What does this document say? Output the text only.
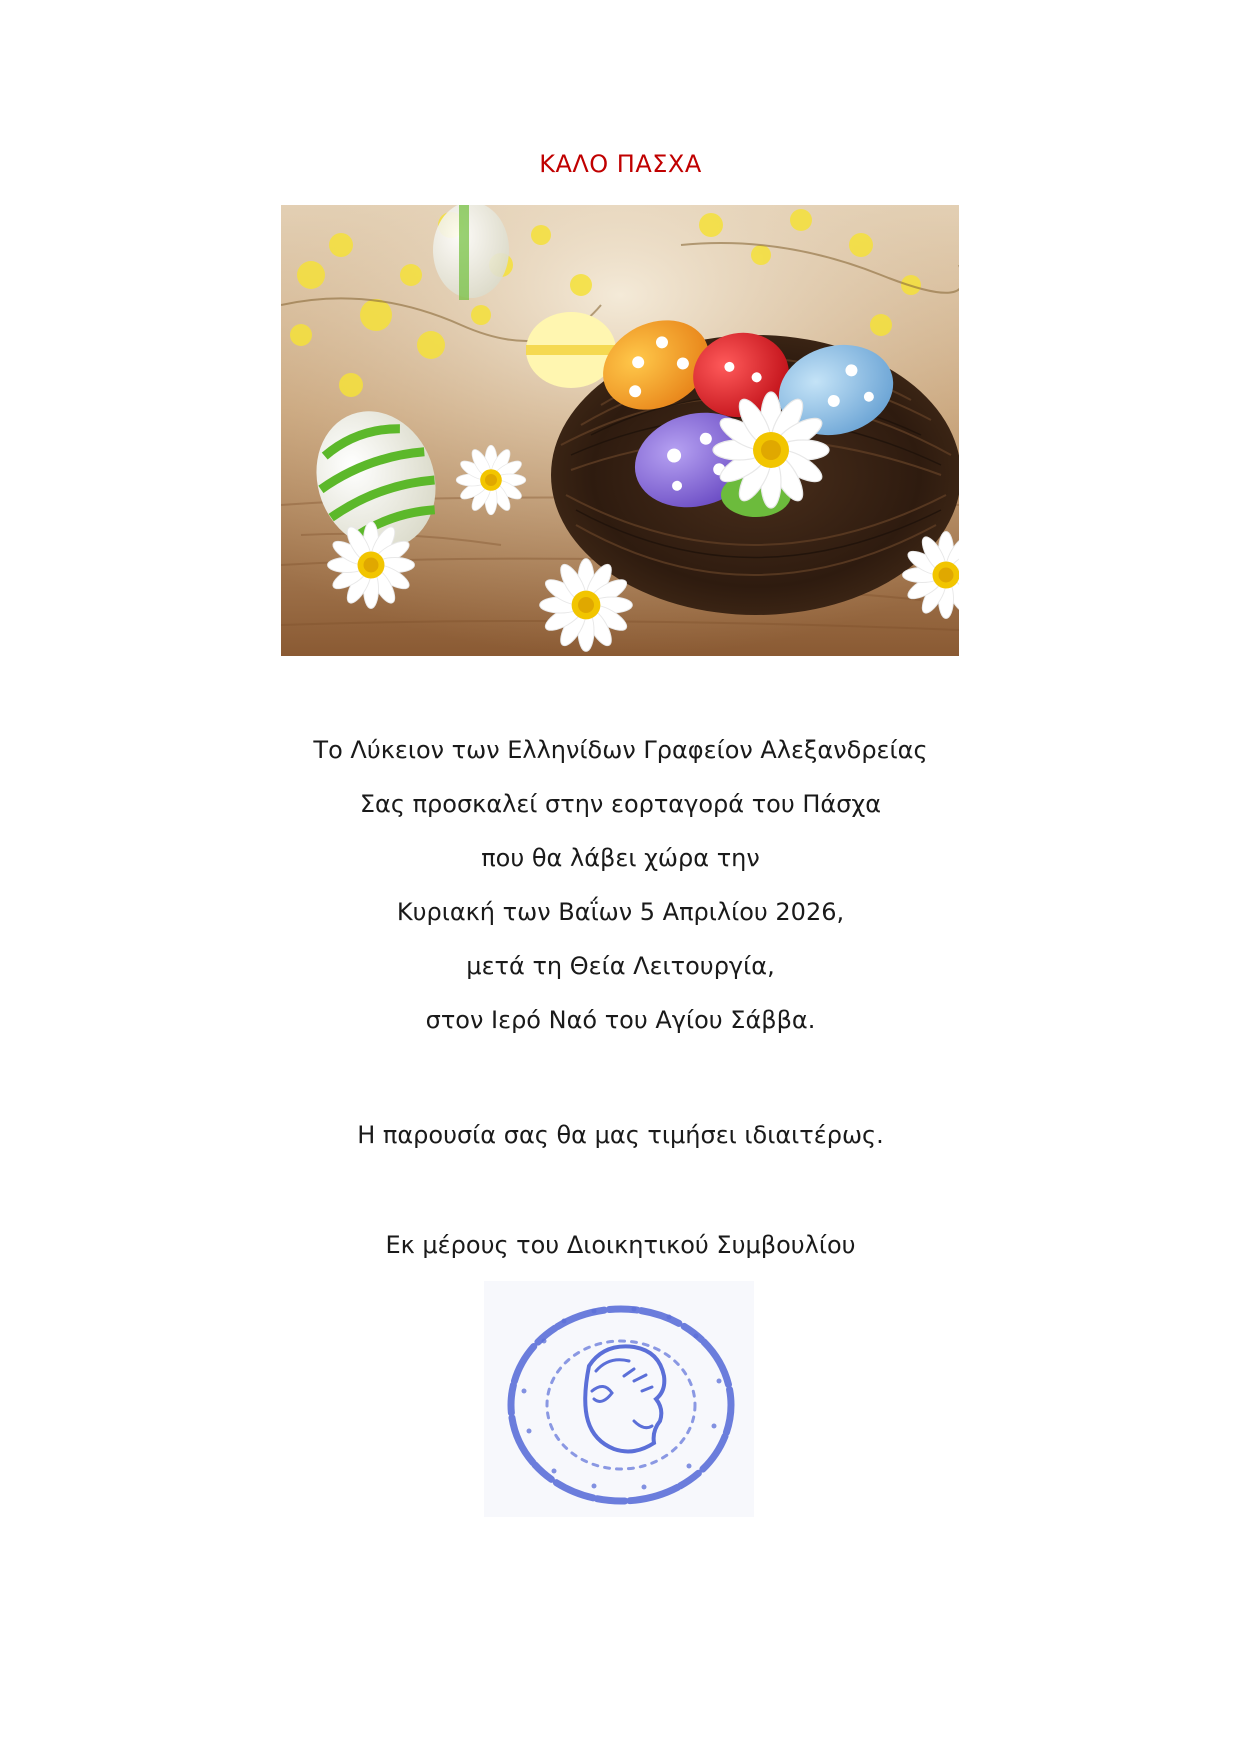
ΚΑΛΟ ΠΑΣΧΑ
Το Λύκειον των Ελληνίδων Γραφείον Αλεξανδρείας
Σας προσκαλεί στην εορταγορά του Πάσχα
που θα λάβει χώρα την
Κυριακή των Βαΐων 5 Απριλίου 2026,
μετά τη Θεία Λειτουργία,
στον Ιερό Ναό του Αγίου Σάββα.
Η παρουσία σας θα μας τιμήσει ιδιαιτέρως.
Εκ μέρους του Διοικητικού Συμβουλίου
